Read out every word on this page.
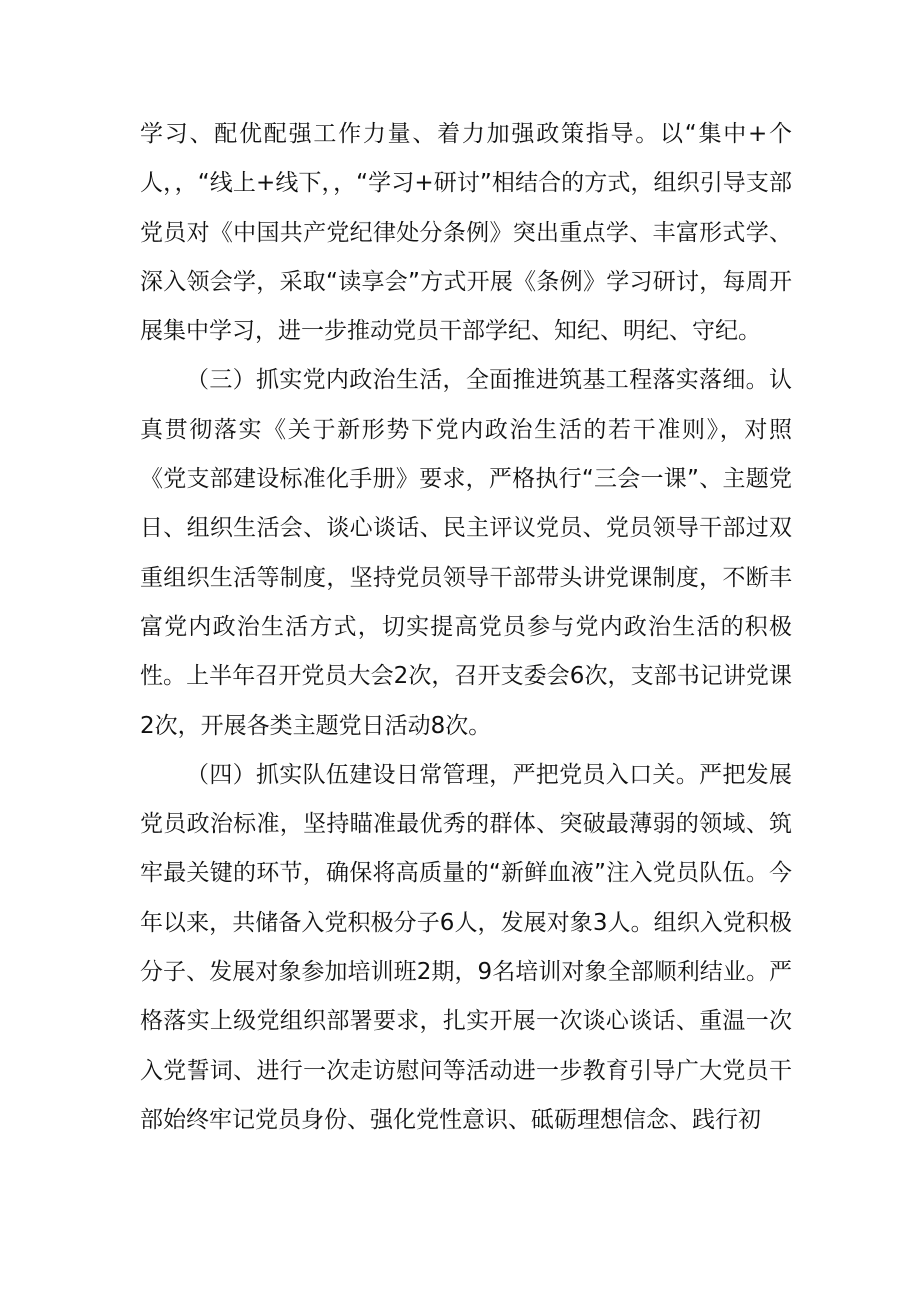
学习、配优配强工作力量、着力加强政策指导。以“集中+个人，，“线上+线下，，“学习+研讨”相结合的方式，组织引导支部党员对《中国共产党纪律处分条例》突出重点学、丰富形式学、深入领会学，采取“读享会”方式开展《条例》学习研讨，每周开展集中学习，进一步推动党员干部学纪、知纪、明纪、守纪。

（三）抓实党内政治生活，全面推进筑基工程落实落细。认真贯彻落实《关于新形势下党内政治生活的若干准则》，对照《党支部建设标准化手册》要求，严格执行“三会一课”、主题党日、组织生活会、谈心谈话、民主评议党员、党员领导干部过双重组织生活等制度，坚持党员领导干部带头讲党课制度，不断丰富党内政治生活方式，切实提高党员参与党内政治生活的积极性。上半年召开党员大会2次，召开支委会6次，支部书记讲党课2次，开展各类主题党日活动8次。

（四）抓实队伍建设日常管理，严把党员入口关。严把发展党员政治标准，坚持瞄准最优秀的群体、突破最薄弱的领域、筑牢最关键的环节，确保将高质量的“新鲜血液”注入党员队伍。今年以来，共储备入党积极分子6人，发展对象3人。组织入党积极分子、发展对象参加培训班2期，9名培训对象全部顺利结业。严格落实上级党组织部署要求，扎实开展一次谈心谈话、重温一次入党誓词、进行一次走访慰问等活动进一步教育引导广大党员干部始终牢记党员身份、强化党性意识、砥砺理想信念、践行初
